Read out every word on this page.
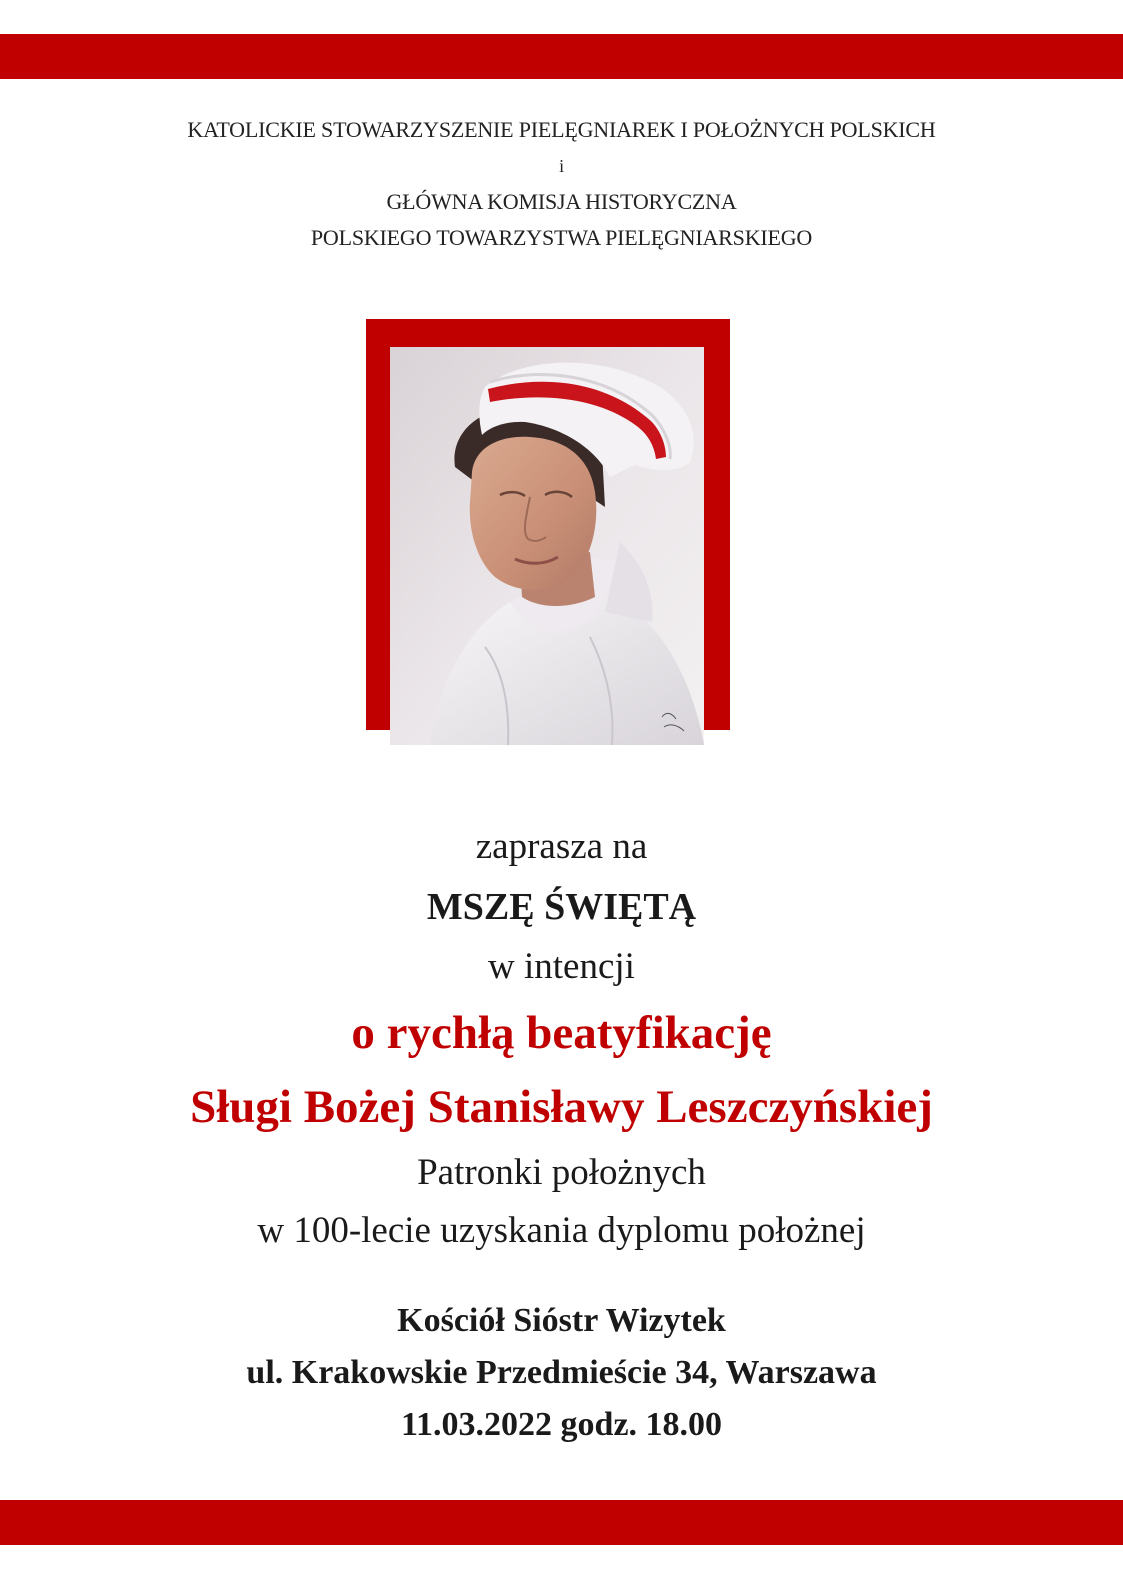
KATOLICKIE STOWARZYSZENIE PIELĘGNIAREK I POŁOŻNYCH POLSKICH
i
GŁÓWNA KOMISJA HISTORYCZNA
POLSKIEGO TOWARZYSTWA PIELĘGNIARSKIEGO
zaprasza na
MSZĘ ŚWIĘTĄ
w intencji
o rychłą beatyfikację
Sługi Bożej Stanisławy Leszczyńskiej
Patronki położnych
w 100-lecie uzyskania dyplomu położnej
Kościół Sióstr Wizytek
ul. Krakowskie Przedmieście 34, Warszawa
11.03.2022 godz. 18.00
